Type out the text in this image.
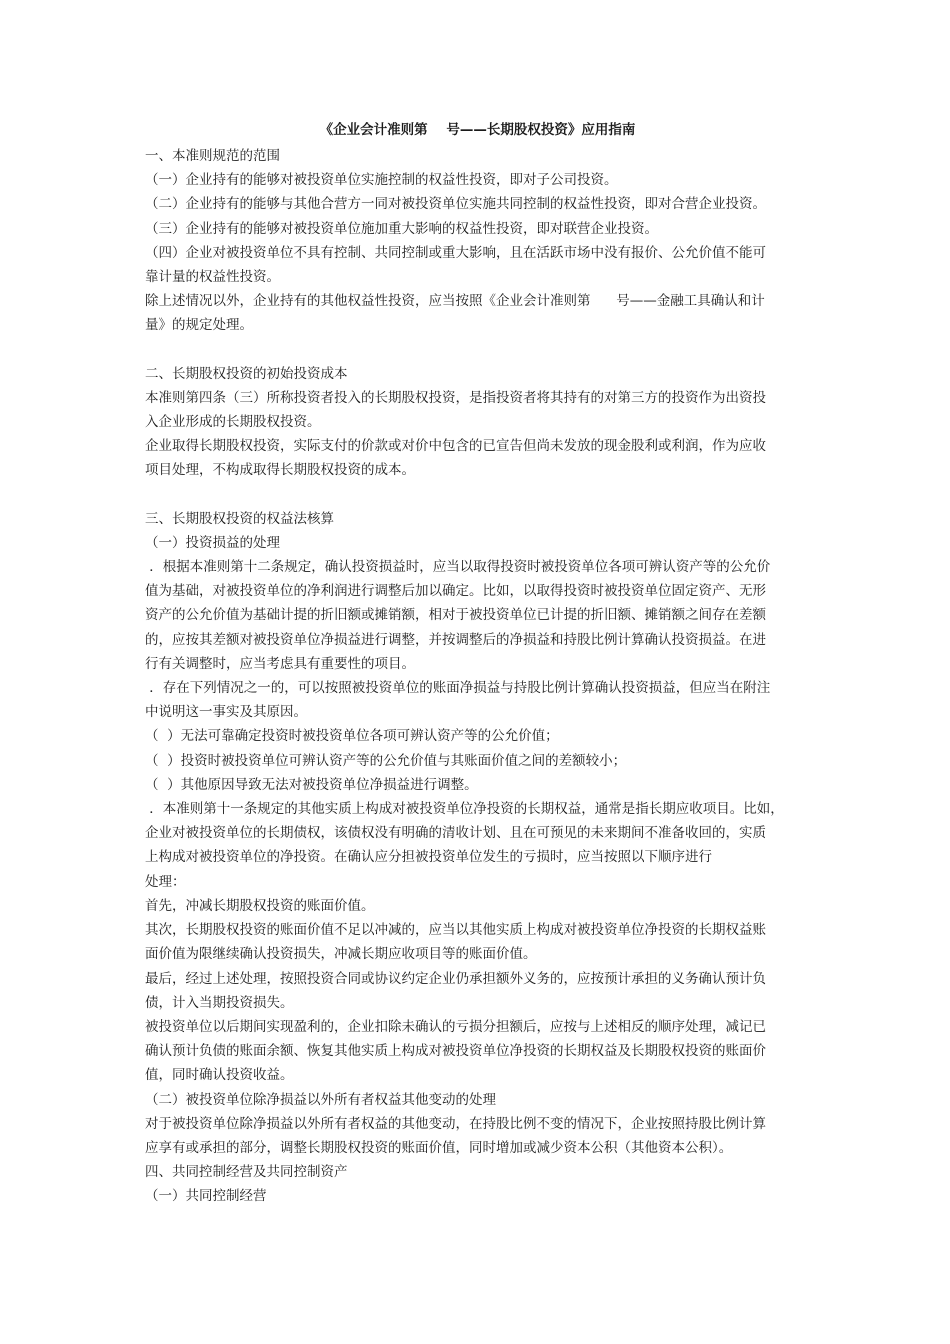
《企业会计准则第    号——长期股权投资》应用指南
一、本准则规范的范围
（一）企业持有的能够对被投资单位实施控制的权益性投资，即对子公司投资。
（二）企业持有的能够与其他合营方一同对被投资单位实施共同控制的权益性投资，即对合营企业投资。
（三）企业持有的能够对被投资单位施加重大影响的权益性投资，即对联营企业投资。
（四）企业对被投资单位不具有控制、共同控制或重大影响，且在活跃市场中没有报价、公允价值不能可
靠计量的权益性投资。
除上述情况以外，企业持有的其他权益性投资，应当按照《企业会计准则第      号——金融工具确认和计
量》的规定处理。
二、长期股权投资的初始投资成本
本准则第四条（三）所称投资者投入的长期股权投资，是指投资者将其持有的对第三方的投资作为出资投
入企业形成的长期股权投资。
企业取得长期股权投资，实际支付的价款或对价中包含的已宣告但尚未发放的现金股利或利润，作为应收
项目处理，不构成取得长期股权投资的成本。
三、长期股权投资的权益法核算
（一）投资损益的处理
．根据本准则第十二条规定，确认投资损益时，应当以取得投资时被投资单位各项可辨认资产等的公允价
值为基础，对被投资单位的净利润进行调整后加以确定。比如，以取得投资时被投资单位固定资产、无形
资产的公允价值为基础计提的折旧额或摊销额，相对于被投资单位已计提的折旧额、摊销额之间存在差额
的，应按其差额对被投资单位净损益进行调整，并按调整后的净损益和持股比例计算确认投资损益。在进
行有关调整时，应当考虑具有重要性的项目。
．存在下列情况之一的，可以按照被投资单位的账面净损益与持股比例计算确认投资损益，但应当在附注
中说明这一事实及其原因。
（  ）无法可靠确定投资时被投资单位各项可辨认资产等的公允价值；
（  ）投资时被投资单位可辨认资产等的公允价值与其账面价值之间的差额较小；
（  ）其他原因导致无法对被投资单位净损益进行调整。
．本准则第十一条规定的其他实质上构成对被投资单位净投资的长期权益，通常是指长期应收项目。比如，
企业对被投资单位的长期债权，该债权没有明确的清收计划、且在可预见的未来期间不准备收回的，实质
上构成对被投资单位的净投资。在确认应分担被投资单位发生的亏损时，应当按照以下顺序进行
处理：
首先，冲减长期股权投资的账面价值。
其次，长期股权投资的账面价值不足以冲减的，应当以其他实质上构成对被投资单位净投资的长期权益账
面价值为限继续确认投资损失，冲减长期应收项目等的账面价值。
最后，经过上述处理，按照投资合同或协议约定企业仍承担额外义务的，应按预计承担的义务确认预计负
债，计入当期投资损失。
被投资单位以后期间实现盈利的，企业扣除未确认的亏损分担额后，应按与上述相反的顺序处理，减记已
确认预计负债的账面余额、恢复其他实质上构成对被投资单位净投资的长期权益及长期股权投资的账面价
值，同时确认投资收益。
（二）被投资单位除净损益以外所有者权益其他变动的处理
对于被投资单位除净损益以外所有者权益的其他变动，在持股比例不变的情况下，企业按照持股比例计算
应享有或承担的部分，调整长期股权投资的账面价值，同时增加或减少资本公积（其他资本公积）。
四、共同控制经营及共同控制资产
（一）共同控制经营
